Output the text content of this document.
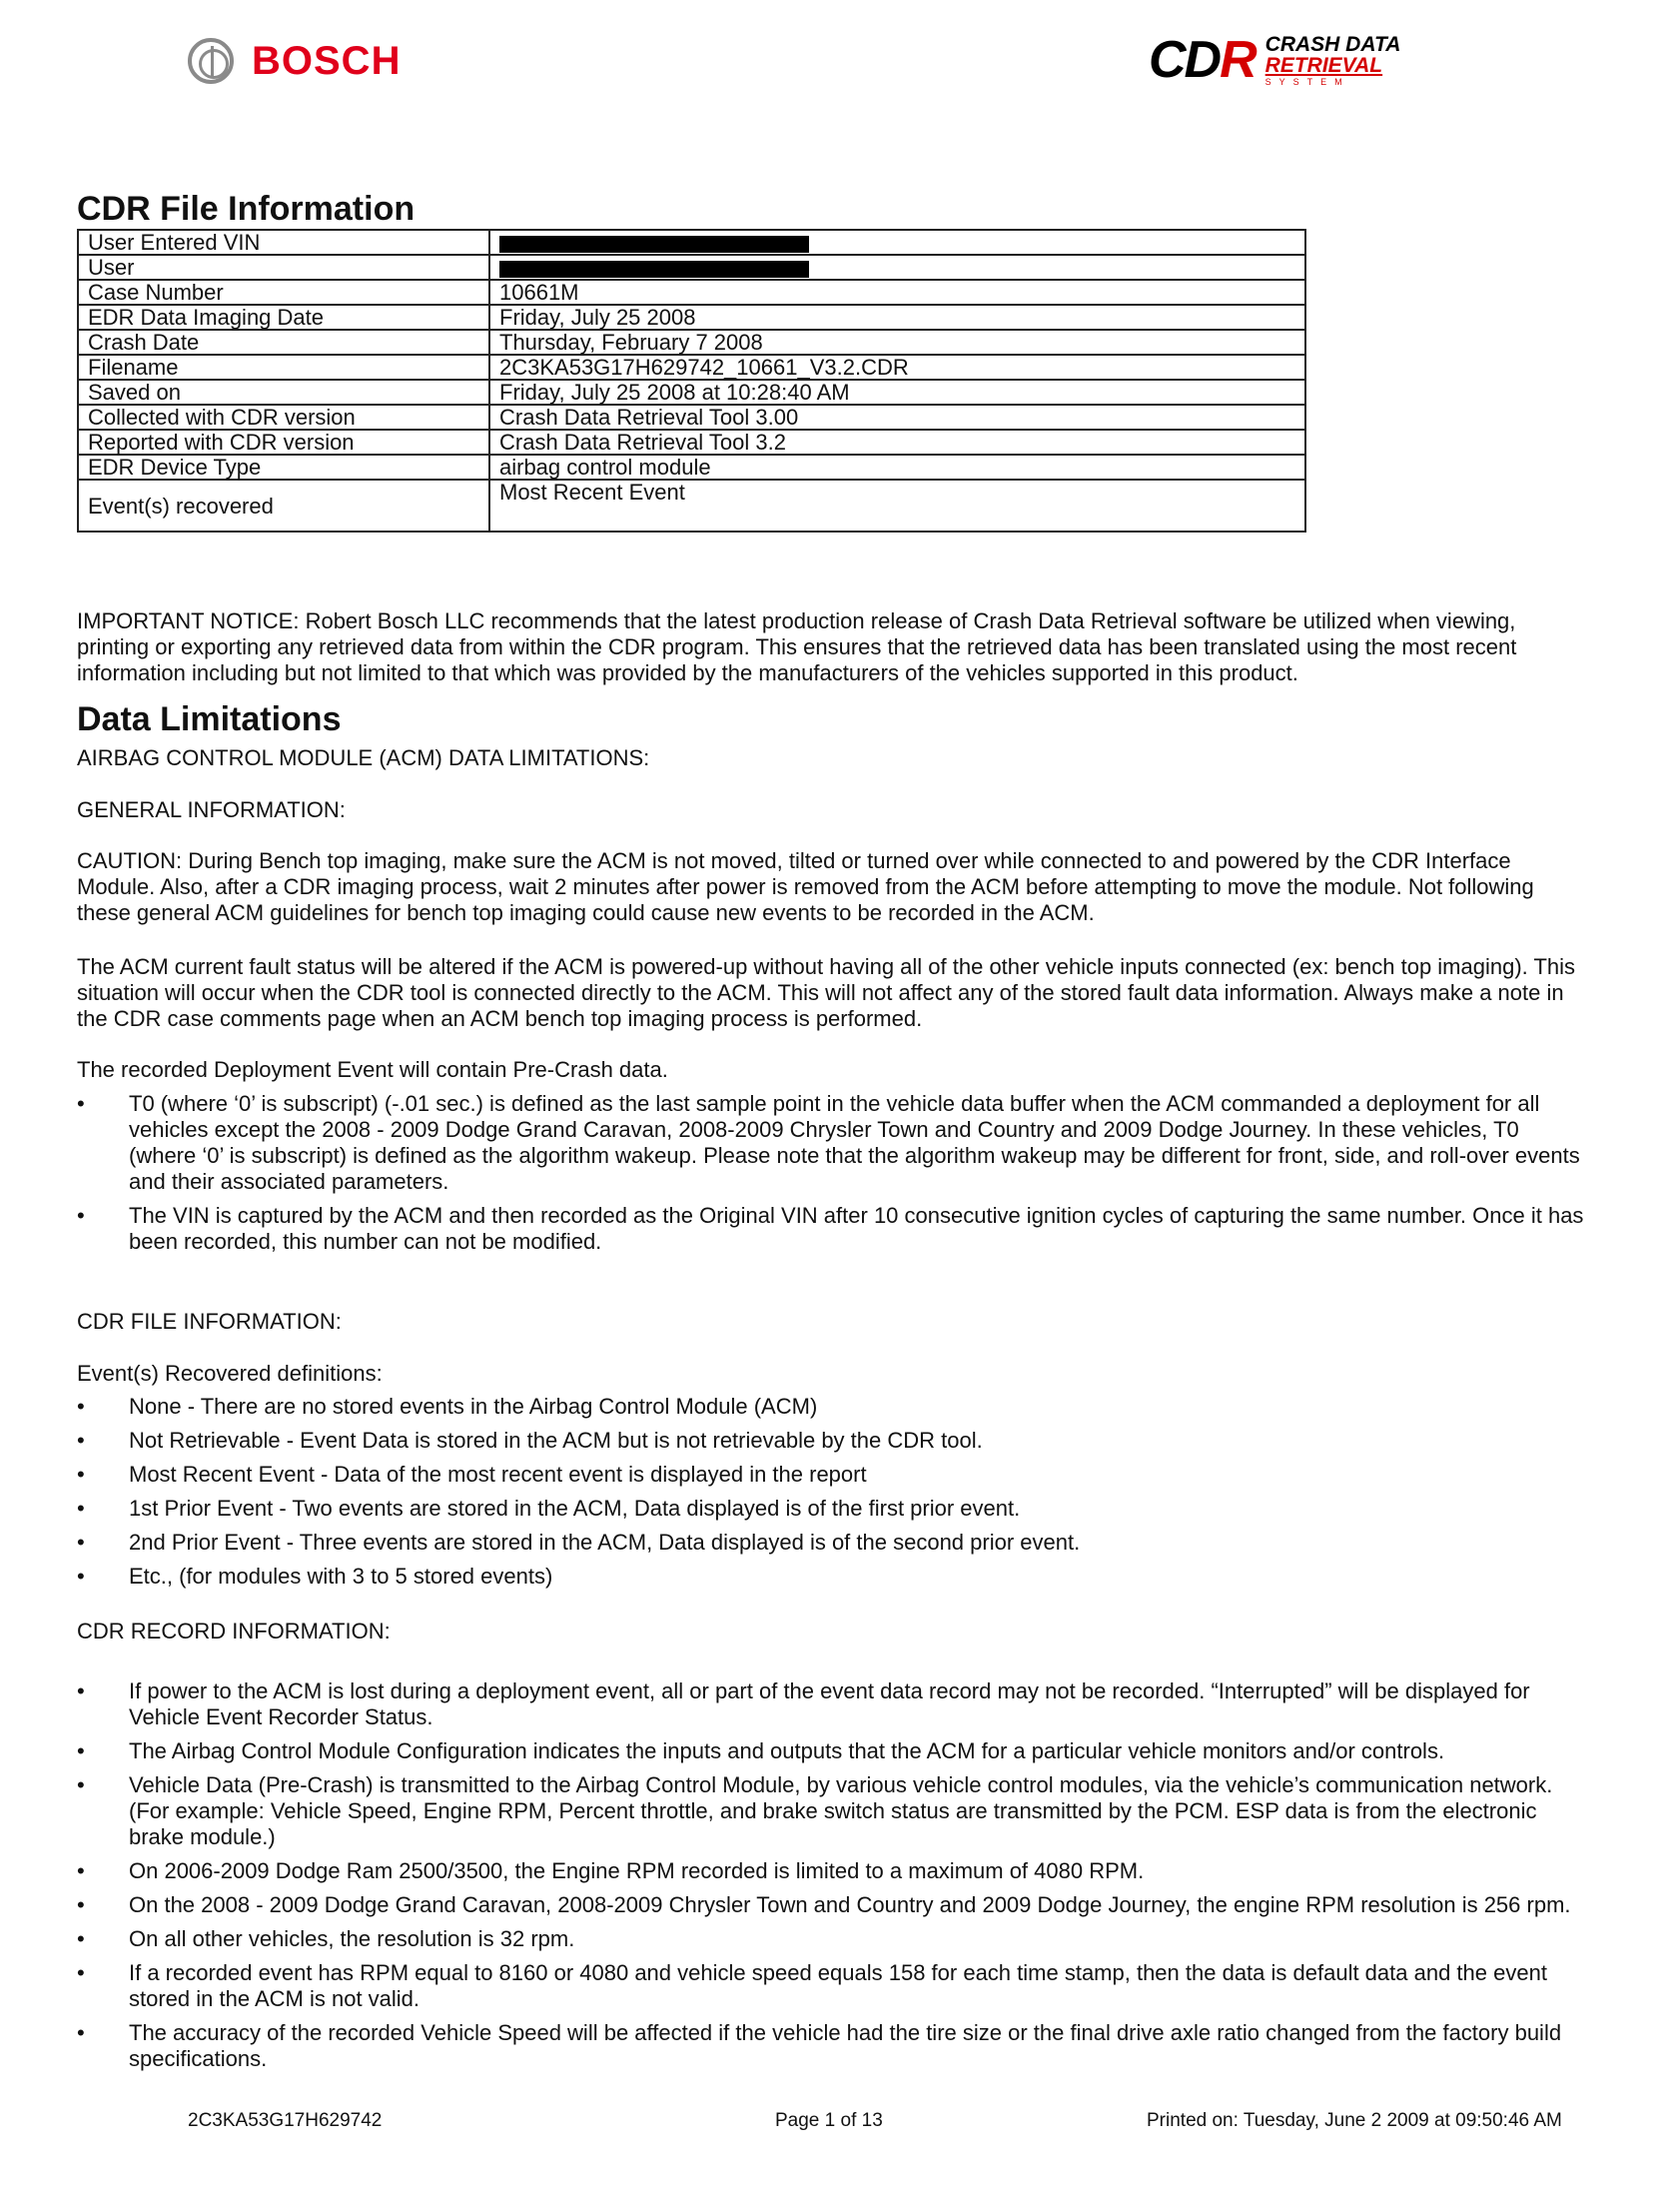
BOSCH	CDR CRASH DATA
RETRIEVAL
SYSTEM
CDR File Information
User Entered VIN	
User	
Case Number	10661M
EDR Data Imaging Date	Friday, July 25 2008
Crash Date	Thursday, February 7 2008
Filename	2C3KA53G17H629742_10661_V3.2.CDR
Saved on	Friday, July 25 2008 at 10:28:40 AM
Collected with CDR version	Crash Data Retrieval Tool 3.00
Reported with CDR version	Crash Data Retrieval Tool 3.2
EDR Device Type	airbag control module
Event(s) recovered	Most Recent Event
IMPORTANT NOTICE: Robert Bosch LLC recommends that the latest production release of Crash Data Retrieval software be utilized when viewing, printing or exporting any retrieved data from within the CDR program. This ensures that the retrieved data has been translated using the most recent information including but not limited to that which was provided by the manufacturers of the vehicles supported in this product.
Data Limitations
AIRBAG CONTROL MODULE (ACM) DATA LIMITATIONS:
GENERAL INFORMATION:
CAUTION: During Bench top imaging, make sure the ACM is not moved, tilted or turned over while connected to and powered by the CDR Interface Module. Also, after a CDR imaging process, wait 2 minutes after power is removed from the ACM before attempting to move the module. Not following these general ACM guidelines for bench top imaging could cause new events to be recorded in the ACM.
The ACM current fault status will be altered if the ACM is powered-up without having all of the other vehicle inputs connected (ex: bench top imaging). This situation will occur when the CDR tool is connected directly to the ACM. This will not affect any of the stored fault data information. Always make a note in the CDR case comments page when an ACM bench top imaging process is performed.
The recorded Deployment Event will contain Pre-Crash data.
• T0 (where ‘0’ is subscript) (-.01 sec.) is defined as the last sample point in the vehicle data buffer when the ACM commanded a deployment for all vehicles except the 2008 - 2009 Dodge Grand Caravan, 2008-2009 Chrysler Town and Country and 2009 Dodge Journey. In these vehicles, T0 (where ‘0’ is subscript) is defined as the algorithm wakeup. Please note that the algorithm wakeup may be different for front, side, and roll-over events and their associated parameters.
• The VIN is captured by the ACM and then recorded as the Original VIN after 10 consecutive ignition cycles of capturing the same number. Once it has been recorded, this number can not be modified.
CDR FILE INFORMATION:
Event(s) Recovered definitions:
• None - There are no stored events in the Airbag Control Module (ACM)
• Not Retrievable - Event Data is stored in the ACM but is not retrievable by the CDR tool.
• Most Recent Event - Data of the most recent event is displayed in the report
• 1st Prior Event - Two events are stored in the ACM, Data displayed is of the first prior event.
• 2nd Prior Event - Three events are stored in the ACM, Data displayed is of the second prior event.
• Etc., (for modules with 3 to 5 stored events)
CDR RECORD INFORMATION:
• If power to the ACM is lost during a deployment event, all or part of the event data record may not be recorded. “Interrupted” will be displayed for Vehicle Event Recorder Status.
• The Airbag Control Module Configuration indicates the inputs and outputs that the ACM for a particular vehicle monitors and/or controls.
• Vehicle Data (Pre-Crash) is transmitted to the Airbag Control Module, by various vehicle control modules, via the vehicle’s communication network. (For example: Vehicle Speed, Engine RPM, Percent throttle, and brake switch status are transmitted by the PCM. ESP data is from the electronic brake module.)
• On 2006-2009 Dodge Ram 2500/3500, the Engine RPM recorded is limited to a maximum of 4080 RPM.
• On the 2008 - 2009 Dodge Grand Caravan, 2008-2009 Chrysler Town and Country and 2009 Dodge Journey, the engine RPM resolution is 256 rpm.
• On all other vehicles, the resolution is 32 rpm.
• If a recorded event has RPM equal to 8160 or 4080 and vehicle speed equals 158 for each time stamp, then the data is default data and the event stored in the ACM is not valid.
• The accuracy of the recorded Vehicle Speed will be affected if the vehicle had the tire size or the final drive axle ratio changed from the factory build specifications.
2C3KA53G17H629742	Page 1 of 13	Printed on: Tuesday, June 2 2009 at 09:50:46 AM
